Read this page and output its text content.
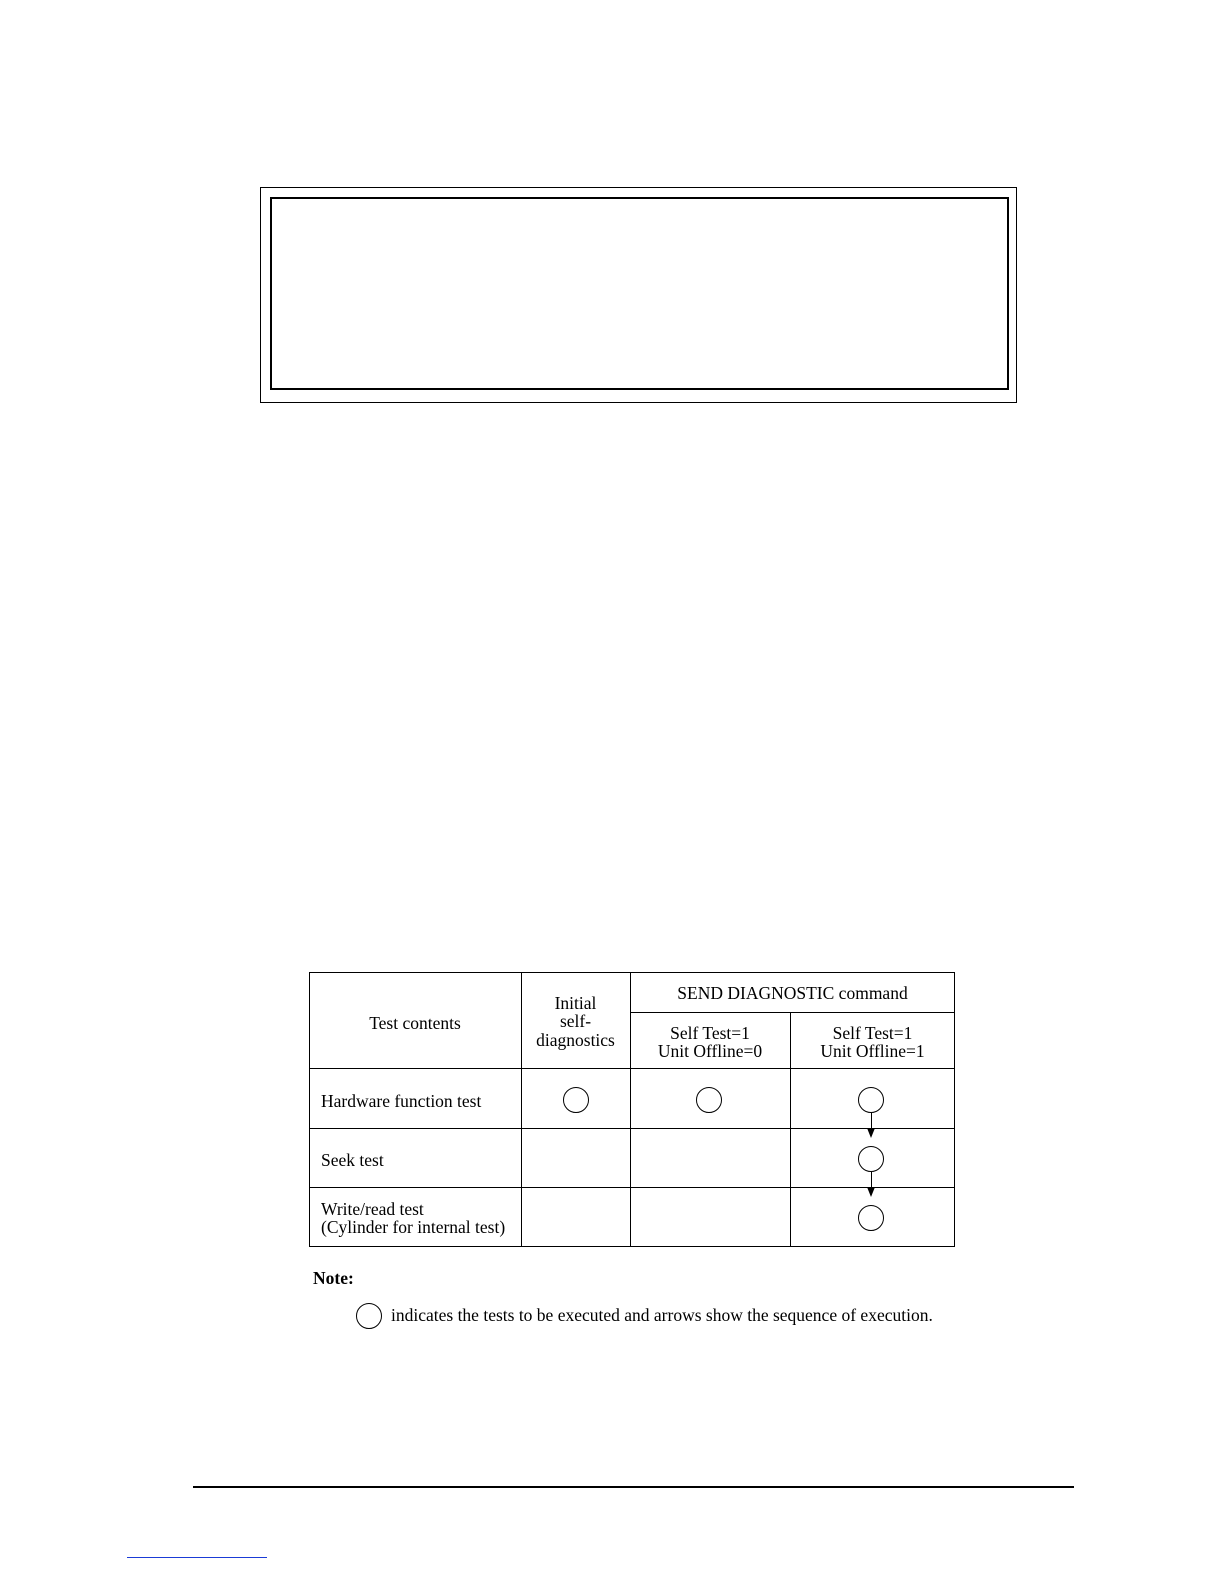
Test contents
Initial
self-
diagnostics
SEND DIAGNOSTIC command
Self Test=1
Unit Offline=0
Self Test=1
Unit Offline=1
Hardware function test
Seek test
Write/read test
(Cylinder for internal test)
Note:
indicates the tests to be executed and arrows show the sequence of execution.
